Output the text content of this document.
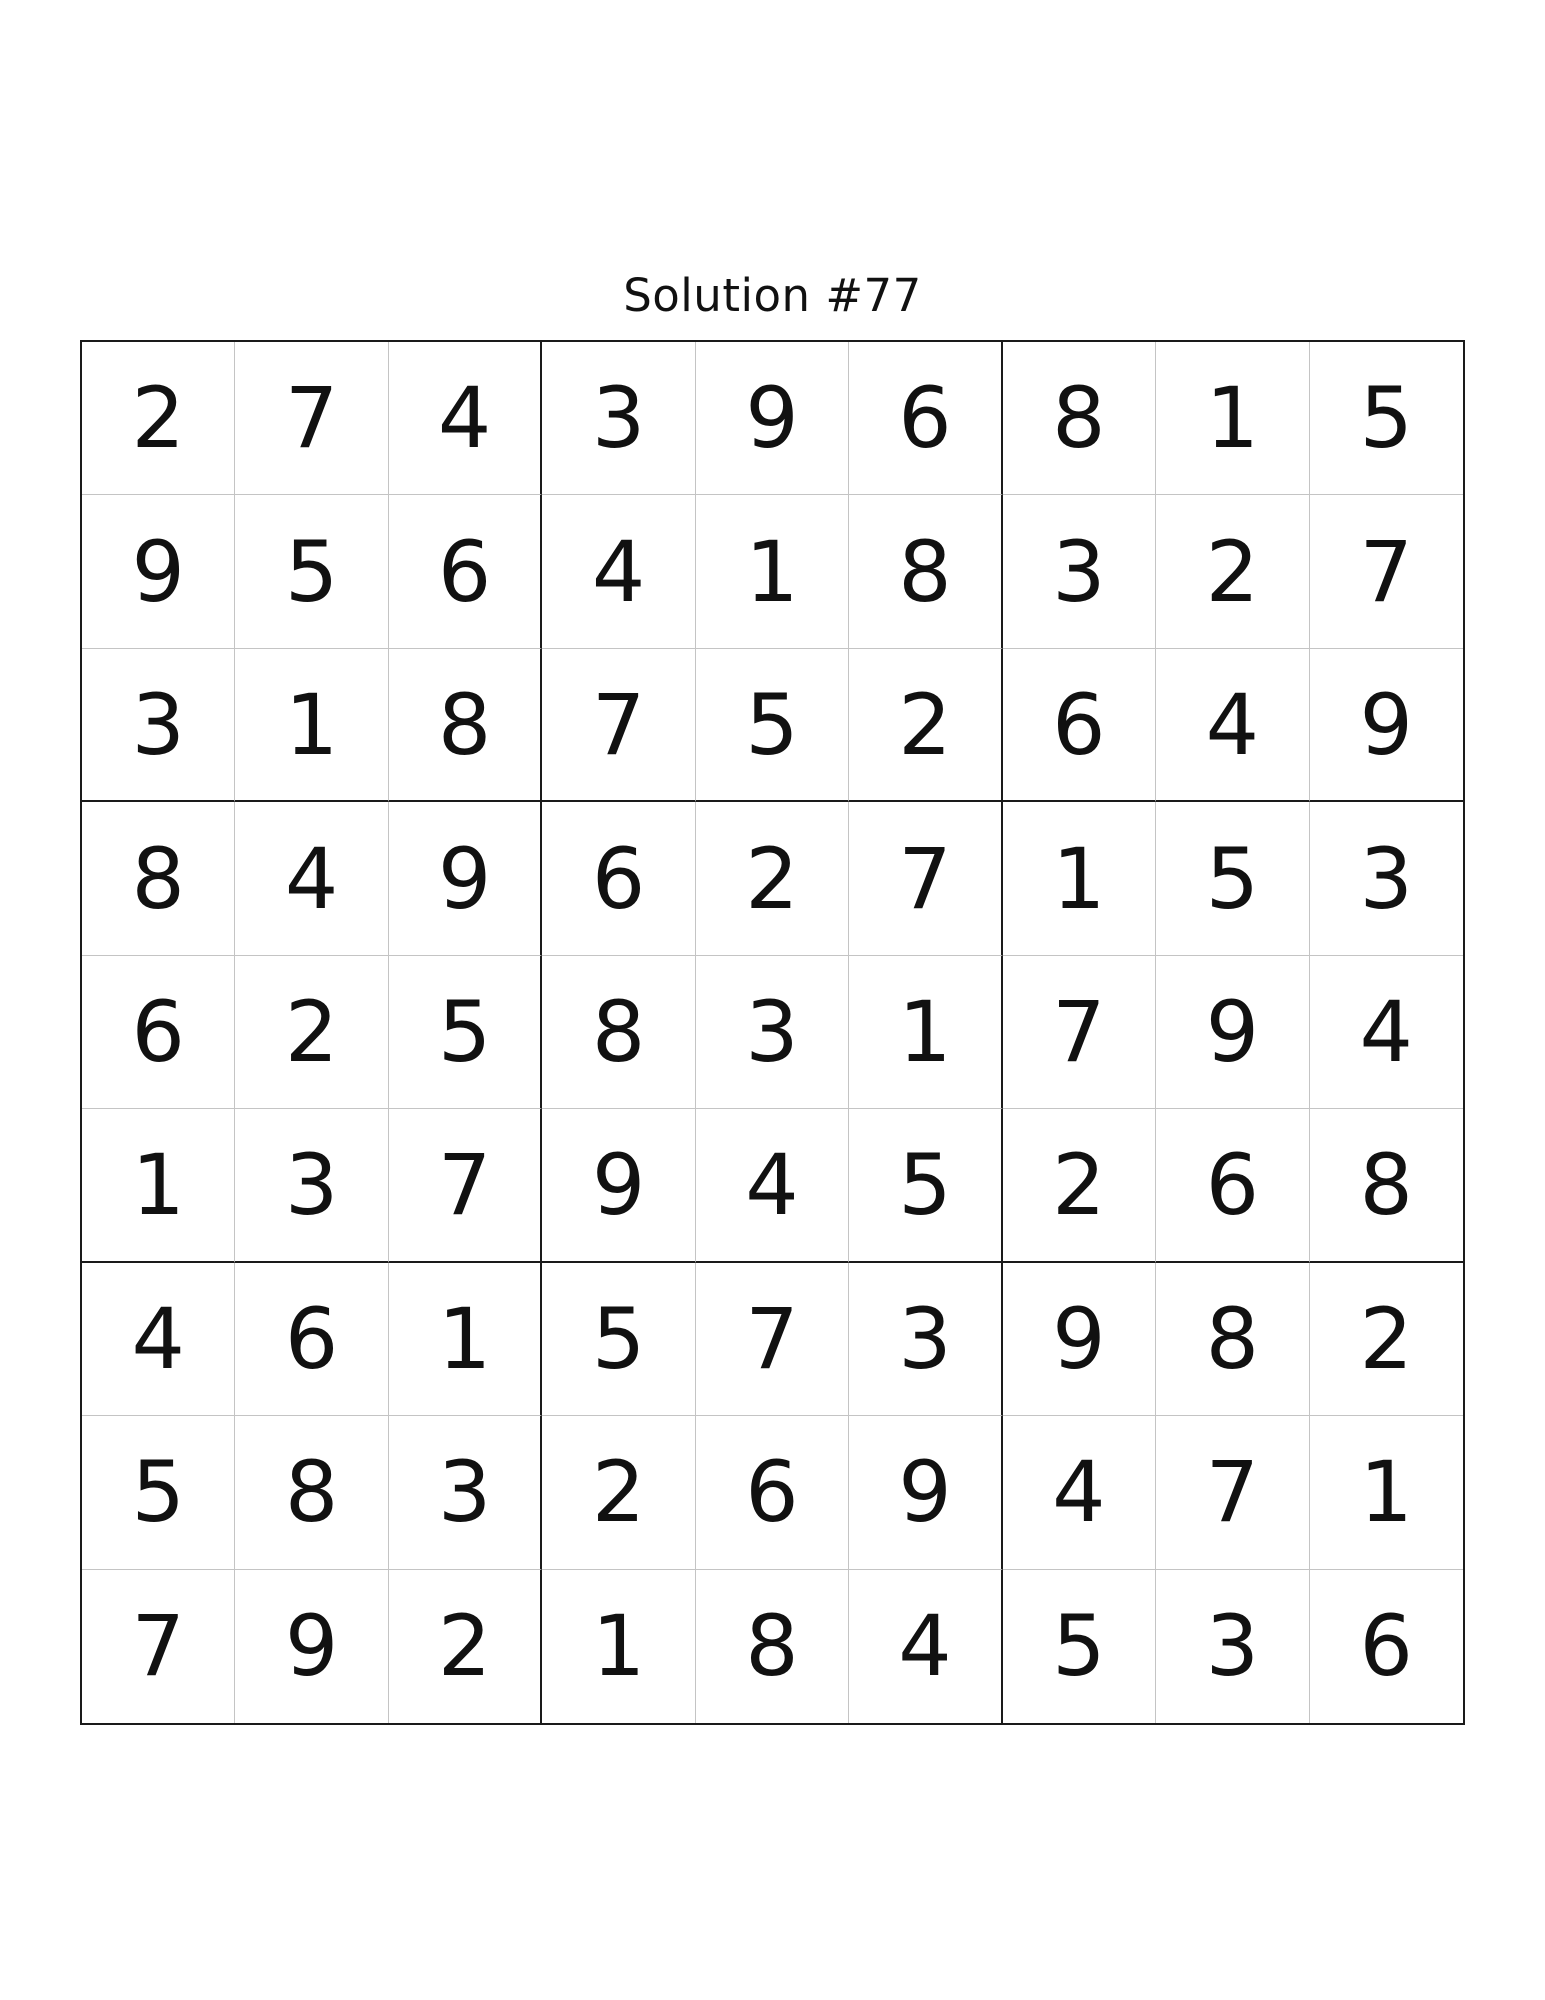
Solution #77
2	7	4	3	9	6	8	1	5
9	5	6	4	1	8	3	2	7
3	1	8	7	5	2	6	4	9
8	4	9	6	2	7	1	5	3
6	2	5	8	3	1	7	9	4
1	3	7	9	4	5	2	6	8
4	6	1	5	7	3	9	8	2
5	8	3	2	6	9	4	7	1
7	9	2	1	8	4	5	3	6
